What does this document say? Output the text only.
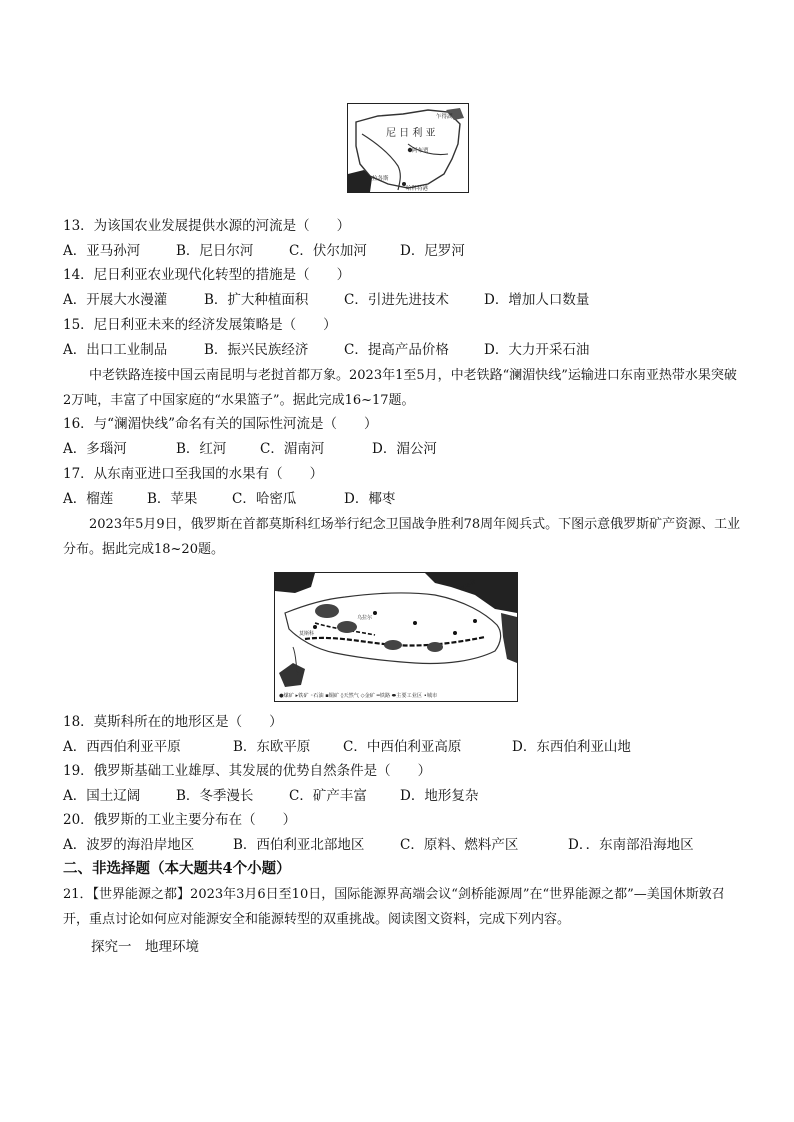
尼 日 利 亚
拉各斯
哈科特港
阿布贾
乍得湖
13．为该国农业发展提供水源的河流是（　　）
A．亚马孙河	B．尼日尔河	C．伏尔加河 D．尼罗河
14．尼日利亚农业现代化转型的措施是（　　）
A．开展大水漫灌	B．扩大种植面积	C．引进先进技术	D．增加人口数量
15．尼日利亚未来的经济发展策略是（　　）
A．出口工业制品	B．振兴民族经济	C．提高产品价格	D．大力开采石油
中老铁路连接中国云南昆明与老挝首都万象。2023年1至5月，中老铁路“澜湄快线”运输进口东南亚热带水果突破2万吨，丰富了中国家庭的“水果篮子”。据此完成16~17题。
16．与“澜湄快线”命名有关的国际性河流是（　　）
A．多瑙河	B．红河 C．湄南河	D．湄公河
17．从东南亚进口至我国的水果有（　　）
A．榴莲	B．苹果	C．哈密瓜	D．椰枣
2023年5月9日，俄罗斯在首都莫斯科红场举行纪念卫国战争胜利78周年阅兵式。下图示意俄罗斯矿产资源、工业分布。据此完成18~20题。
北冰洋
莫斯科
乌拉尔
●煤矿 ▸铁矿 ◦石油 ▪铜矿 ◊天然气 ◇金矿 ━铁路 ⬬主要工业区 •城市
18．莫斯科所在的地形区是（　　）
A．西西伯利亚平原	B．东欧平原 C．中西伯利亚高原	D．东西伯利亚山地
19．俄罗斯基础工业雄厚、其发展的优势自然条件是（　　）
A．国土辽阔	B．冬季漫长	C．矿产丰富 D．地形复杂
20．俄罗斯的工业主要分布在（　　）
A．波罗的海沿岸地区	B．西伯利亚北部地区	C．原料、燃料产区	D．．东南部沿海地区
二、非选择题（本大题共4个小题）
21．【世界能源之都】2023年3月6日至10日，国际能源界高端会议“剑桥能源周”在“世界能源之都”—美国休斯敦召开，重点讨论如何应对能源安全和能源转型的双重挑战。阅读图文资料，完成下列内容。
探究一　地理环境
